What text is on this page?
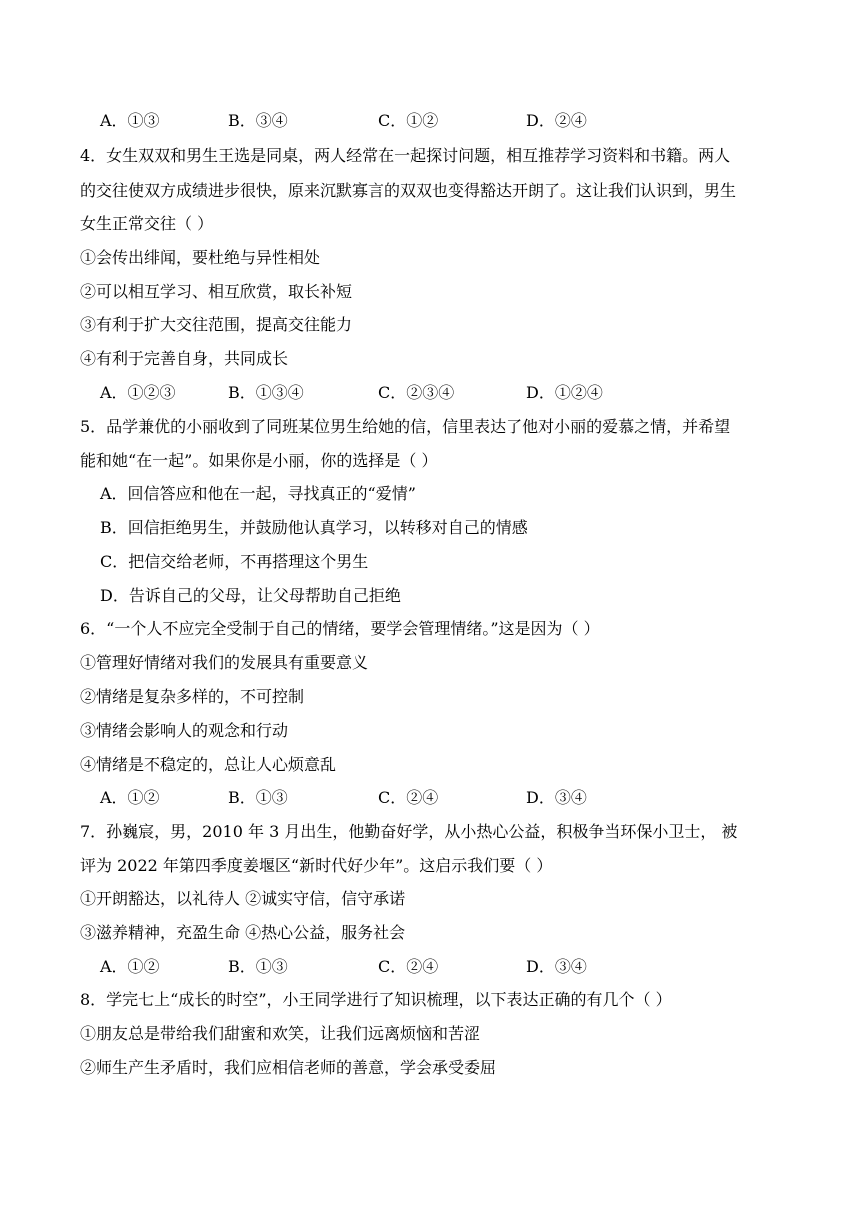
A．①③	B．③④	C．①②	D．②④
4．女生双双和男生王选是同桌，两人经常在一起探讨问题，相互推荐学习资料和书籍。两人
的交往使双方成绩进步很快，原来沉默寡言的双双也变得豁达开朗了。这让我们认识到，男生
女生正常交往（ ）
①会传出绯闻，要杜绝与异性相处
②可以相互学习、相互欣赏，取长补短
③有利于扩大交往范围，提高交往能力
④有利于完善自身，共同成长
A．①②③	B．①③④	C．②③④	D．①②④
5．品学兼优的小丽收到了同班某位男生给她的信，信里表达了他对小丽的爱慕之情，并希望
能和她“在一起”。如果你是小丽，你的选择是（ ）
A．回信答应和他在一起，寻找真正的“爱情”
B．回信拒绝男生，并鼓励他认真学习，以转移对自己的情感
C．把信交给老师，不再搭理这个男生
D．告诉自己的父母，让父母帮助自己拒绝
6．“一个人不应完全受制于自己的情绪，要学会管理情绪。”这是因为（ ）
①管理好情绪对我们的发展具有重要意义
②情绪是复杂多样的，不可控制
③情绪会影响人的观念和行动
④情绪是不稳定的，总让人心烦意乱
A．①②	B．①③	C．②④	D．③④
7．孙巍宸，男，2010 年 3 月出生，他勤奋好学，从小热心公益，积极争当环保小卫士， 被
评为 2022 年第四季度姜堰区“新时代好少年”。这启示我们要（ ）
①开朗豁达，以礼待人 ②诚实守信，信守承诺
③滋养精神，充盈生命 ④热心公益，服务社会
A．①②	B．①③	C．②④	D．③④
8．学完七上“成长的时空”，小王同学进行了知识梳理，以下表达正确的有几个（ ）
①朋友总是带给我们甜蜜和欢笑，让我们远离烦恼和苦涩
②师生产生矛盾时，我们应相信老师的善意，学会承受委屈
